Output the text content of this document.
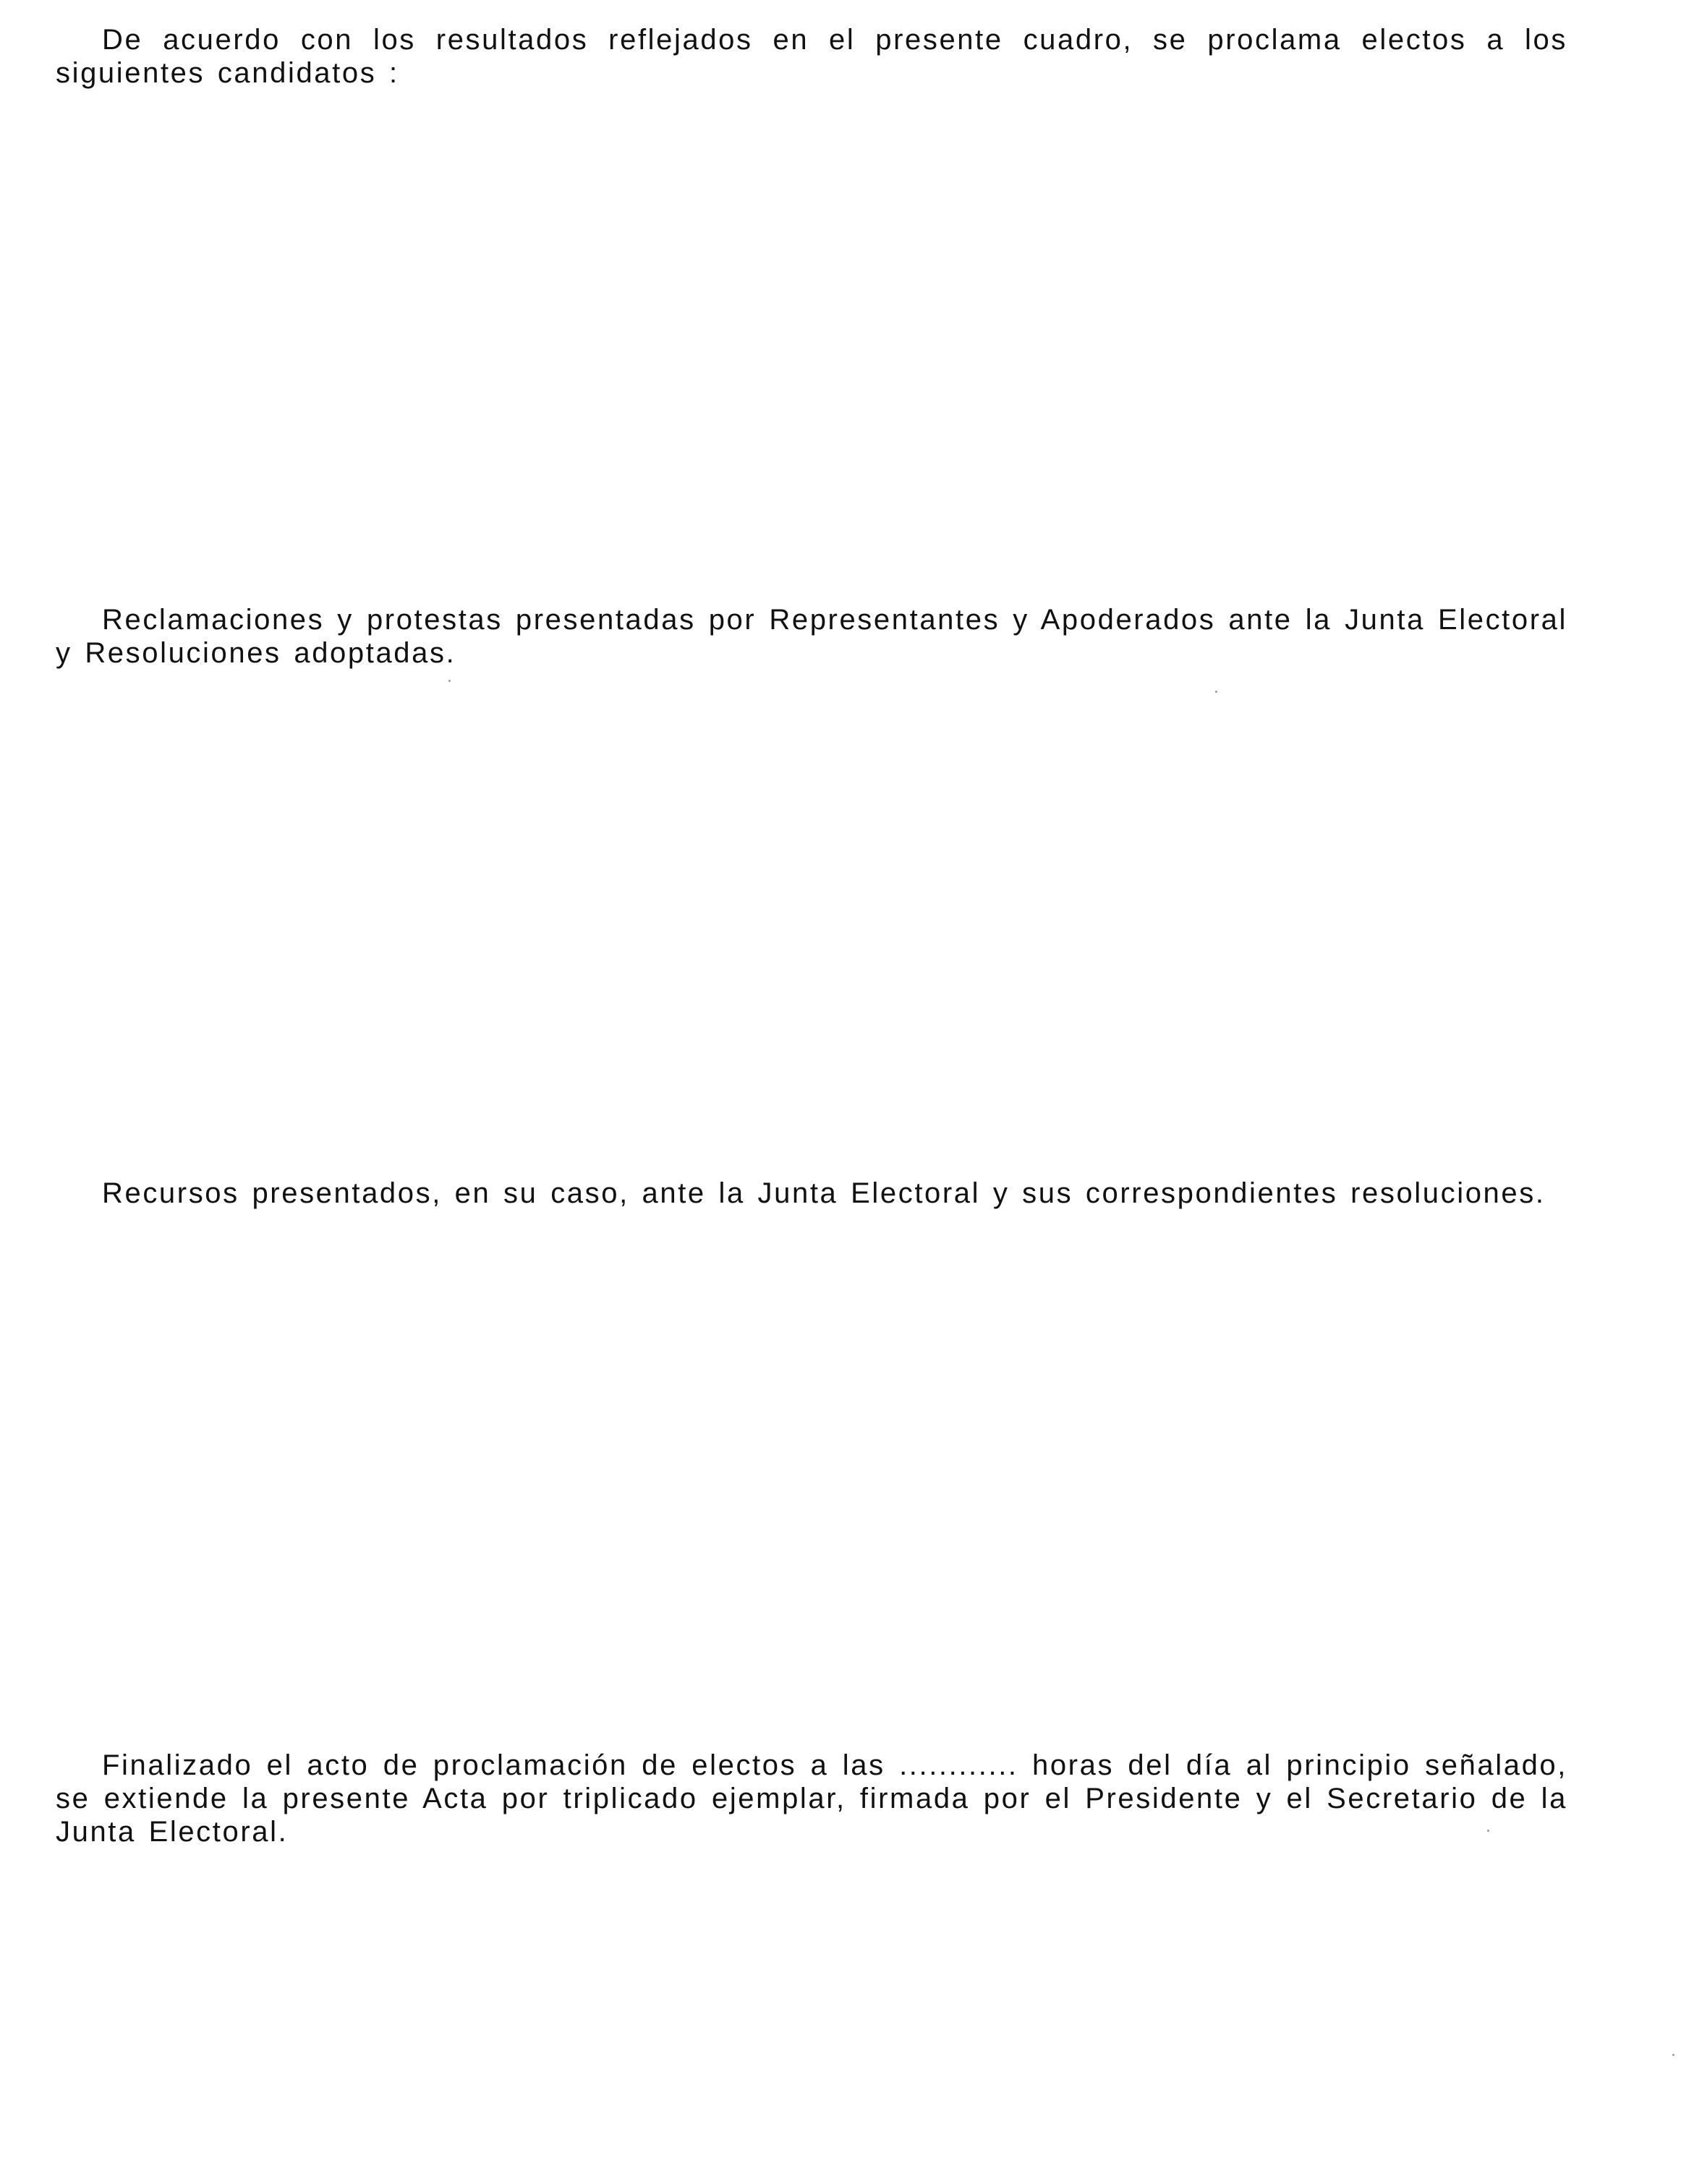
De acuerdo con los resultados reflejados en el presente cuadro, se proclama electos a los siguientes candidatos :

Reclamaciones y protestas presentadas por Representantes y Apoderados ante la Junta Electoral y Resoluciones adoptadas.

Recursos presentados, en su caso, ante la Junta Electoral y sus correspondientes resoluciones.

Finalizado el acto de proclamación de electos a las ............ horas del día al principio señalado, se extiende la presente Acta por triplicado ejemplar, firmada por el Presidente y el Secretario de la Junta Electoral.
